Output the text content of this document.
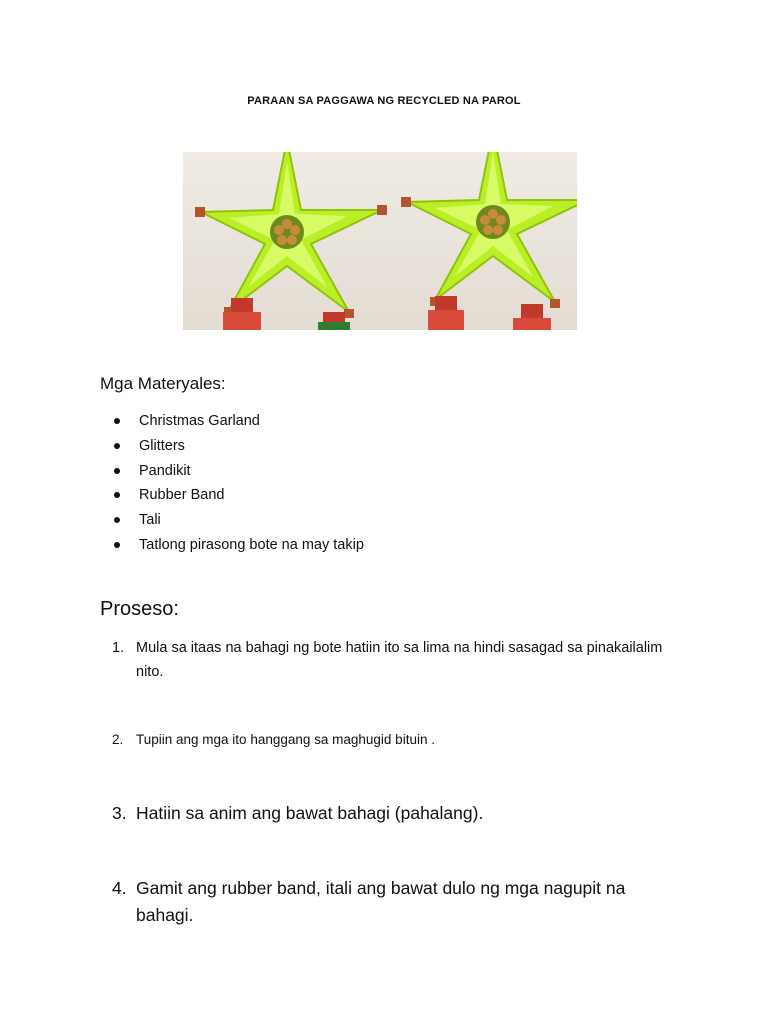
PARAAN SA PAGGAWA NG RECYCLED NA PAROL
Mga Materyales:
Christmas Garland
Glitters
Pandikit
Rubber Band
Tali
Tatlong pirasong bote na may takip
Proseso:
1. Mula sa itaas na bahagi ng bote hatiin ito sa lima na hindi sasagad sa pinakailalim nito.
2. Tupiin ang mga ito hanggang sa maghugid bituin .
3. Hatiin sa anim ang bawat bahagi (pahalang).
4. Gamit ang rubber band, itali ang bawat dulo ng mga nagupit na bahagi.
